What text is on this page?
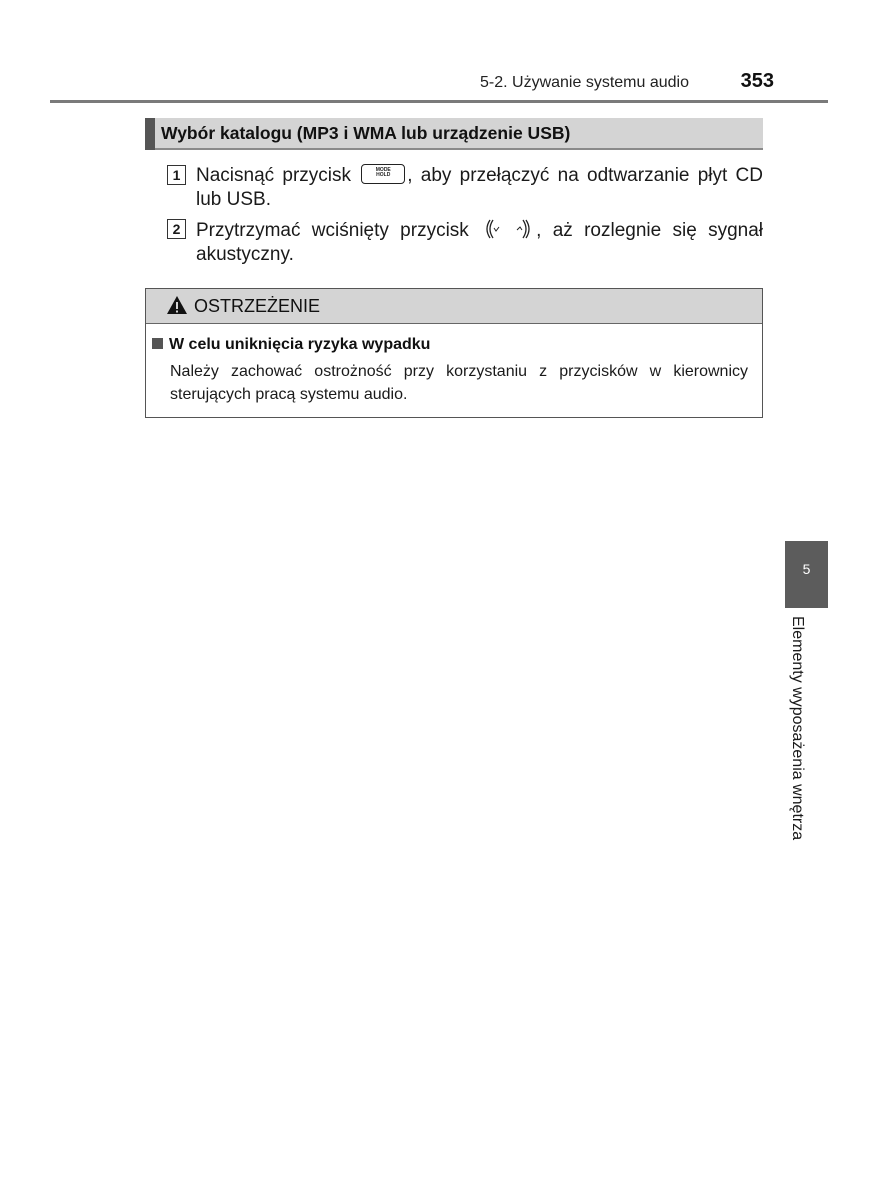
5-2. Używanie systemu audio	353
Wybór katalogu (MP3 i WMA lub urządzenie USB)
1 Nacisnąć przycisk	MODE
HOLD , aby przełączyć na odtwarzanie płyt CD lub USB.
2 Przytrzymać wciśnięty przycisk	, aż rozlegnie się sygnał akustyczny.
OSTRZEŻENIE
W celu uniknięcia ryzyka wypadku
Należy zachować ostrożność przy korzystaniu z przycisków w kierownicy sterujących pracą systemu audio.
5
Elementy wyposażenia wnętrza
